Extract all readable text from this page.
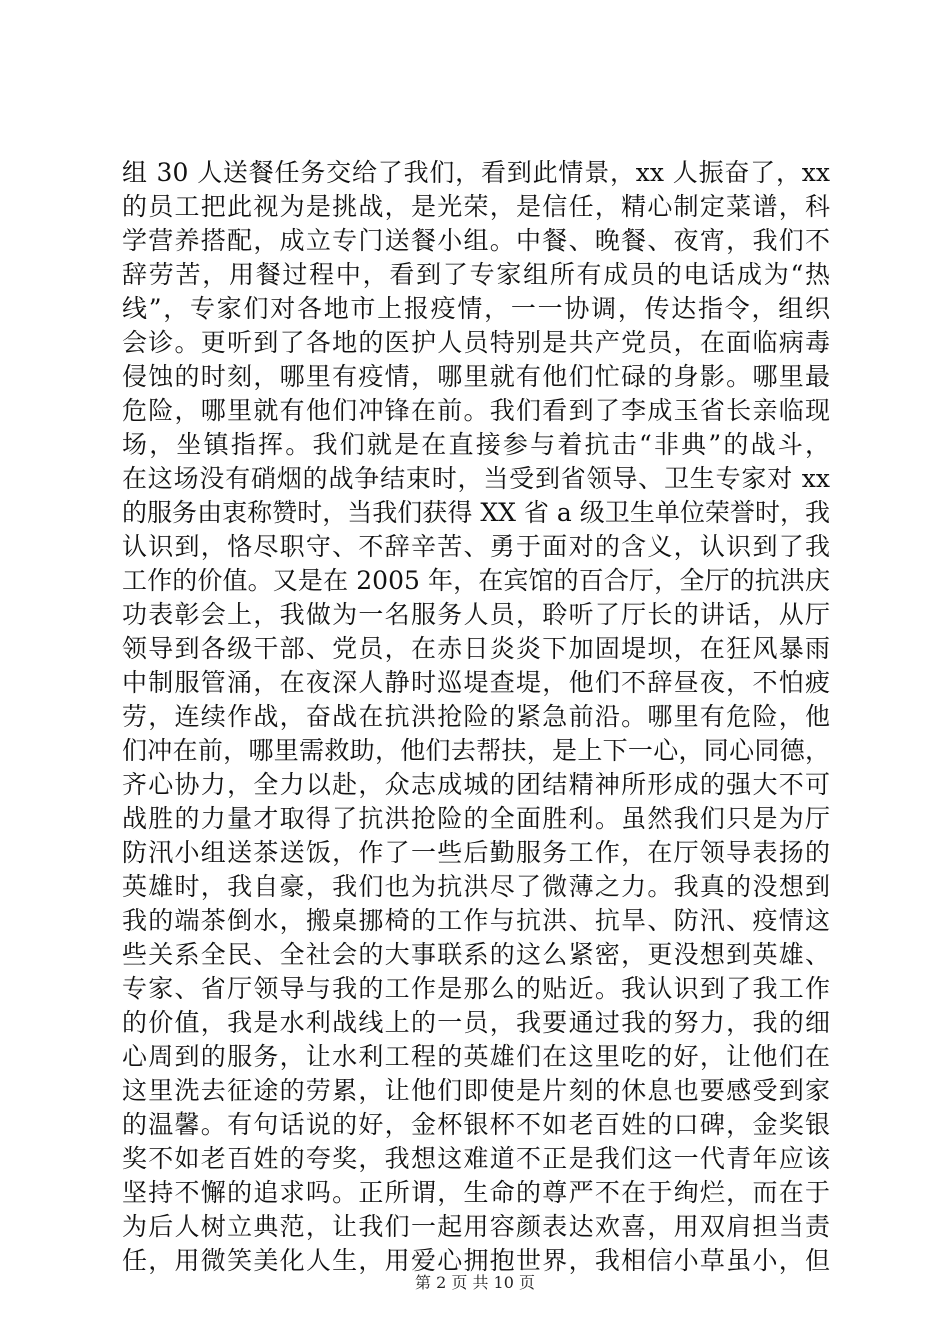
组 30 人送餐任务交给了我们，看到此情景，xx 人振奋了，xx
的员工把此视为是挑战，是光荣，是信任，精心制定菜谱，科
学营养搭配，成立专门送餐小组。中餐、晚餐、夜宵，我们不
辞劳苦，用餐过程中，看到了专家组所有成员的电话成为“热
线”，专家们对各地市上报疫情，一一协调，传达指令，组织
会诊。更听到了各地的医护人员特别是共产党员，在面临病毒
侵蚀的时刻，哪里有疫情，哪里就有他们忙碌的身影。哪里最
危险，哪里就有他们冲锋在前。我们看到了李成玉省长亲临现
场，坐镇指挥。我们就是在直接参与着抗击“非典”的战斗，
在这场没有硝烟的战争结束时，当受到省领导、卫生专家对 xx
的服务由衷称赞时，当我们获得 XX 省 a 级卫生单位荣誉时，我
认识到，恪尽职守、不辞辛苦、勇于面对的含义，认识到了我
工作的价值。又是在 2005 年，在宾馆的百合厅，全厅的抗洪庆
功表彰会上，我做为一名服务人员，聆听了厅长的讲话，从厅
领导到各级干部、党员，在赤日炎炎下加固堤坝，在狂风暴雨
中制服管涌，在夜深人静时巡堤查堤，他们不辞昼夜，不怕疲
劳，连续作战，奋战在抗洪抢险的紧急前沿。哪里有危险，他
们冲在前，哪里需救助，他们去帮扶，是上下一心，同心同德，
齐心协力，全力以赴，众志成城的团结精神所形成的强大不可
战胜的力量才取得了抗洪抢险的全面胜利。虽然我们只是为厅
防汛小组送茶送饭，作了一些后勤服务工作，在厅领导表扬的
英雄时，我自豪，我们也为抗洪尽了微薄之力。我真的没想到
我的端茶倒水，搬桌挪椅的工作与抗洪、抗旱、防汛、疫情这
些关系全民、全社会的大事联系的这么紧密，更没想到英雄、
专家、省厅领导与我的工作是那么的贴近。我认识到了我工作
的价值，我是水利战线上的一员，我要通过我的努力，我的细
心周到的服务，让水利工程的英雄们在这里吃的好，让他们在
这里洗去征途的劳累，让他们即使是片刻的休息也要感受到家
的温馨。有句话说的好，金杯银杯不如老百姓的口碑，金奖银
奖不如老百姓的夸奖，我想这难道不正是我们这一代青年应该
坚持不懈的追求吗。正所谓，生命的尊严不在于绚烂，而在于
为后人树立典范，让我们一起用容颜表达欢喜，用双肩担当责
任，用微笑美化人生，用爱心拥抱世界，我相信小草虽小，但
第 2 页 共 10 页
